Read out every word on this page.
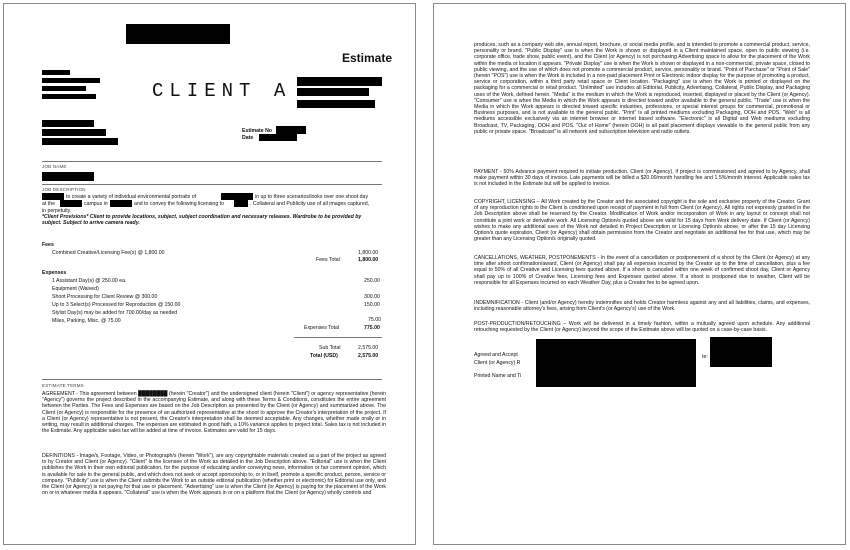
Estimate
CLIENT A
Estimate No
Date
JOB NAME
JOB DESCRIPTION
to create a variety of individual environmental portraits of	in up to three scenarios/looks over one shoot day
at the	campus in	and to convey the following licensing to	. Collateral and Publicity use of all images captured,
in perpetuity.
*Client Provisions* Client to provide locations, subject, subject coordination and necessary releases. Wardrobe to be provided by subject. Subject to arrive camera ready.
Fees
Combined Creative/Licensing Fee(s) @ 1,800.00	1,800.00
Fees Total	1,800.00
Expenses
1 Assistant Day(s) @ 250.00 ea.	250.00
Equipment (Waived)
Shoot Processing for Client Review @ 300.00	300.00
Up to 3 Select(s) Processed for Reproduction @ 150.00	150.00
Stylist Day(s) may be added for 700.00/day as needed
Miles, Parking, Misc. @ 75.00	75.00
Expenses Total	775.00
Sub Total	2,575.00
Total (USD)	2,575.00
ESTIMATE TERMS
AGREEMENT - This agreement between ████████ (herein "Creator") and the undersigned client (herein "Client") or agency representative (herein "Agency") governs the project described in the accompanying Estimate, and along with these Terms & Conditions, constitutes the entire agreement between the Parties. The Fees and Expenses are based on the Job Description as presented by the Client (or Agency) and summarized above. The Client (or Agency) is responsible for the presence of an authorized representative at the shoot to approve the Creator's interpretation of the project. If a Client (or Agency) representative is not present, the Creator's interpretation shall be deemed acceptable. Any changes, whether made orally or in writing, may result in additional charges. The expenses are estimated in good faith, a 10% variance applies to project total. Sales tax is not included in the Estimate. Any applicable sales tax will be added at time of invoice. Estimates are valid for 15 days.
DEFINITIONS - Image/s, Footage, Video, or Photograph/s (herein "Work"), are any copyrightable materials created as a part of the project as agreed to by Creator and Client (or Agency). "Client" is the licensee of the Work as detailed in the Job Description above. "Editorial" use is when the Client publishes the Work in their own editorial publication, for the purpose of educating and/or conveying news, information or fair comment opinion, which is available for sale to the general public, and which does not seek or accept sponsorship to, or in itself, promote a specific product, person, service or company. "Publicity" use is when the Client submits the Work to an outside editorial publication (whether print or electronic) for Editorial use only, and the Client (or Agency) is not paying for that use or placement. "Advertising" use is when the Client (or Agency) is paying for the placement of the Work on or in whatever media it appears. "Collateral" use is when the Work appears in or on a platform that the Client (or Agency) wholly controls and
produces, such as a company web site, annual report, brochure, or social media profile, and is intended to promote a commercial product, service, personality or brand. "Public Display" use is when the Work is shown or displayed in a Client maintained space, open to public viewing (i.e. corporate office, trade show, public event), and the Client (or Agency) is not purchasing Advertising space to allow for the placement of the Work within the media or location it appears. "Private Display" use is when the Work is shown or displayed in a non-commercial, private space, closed to public viewing, and the use of which does not promote a commercial product, service, personality or brand. "Point of Purchase" or "Point of Sale" (herein "POS") use is when the Work is included in a non-paid placement Print or Electronic indoor display for the purpose of promoting a product, service or corporation, within a third party retail space or Client location. "Packaging" use is when the Work is printed or displayed on the packaging for a commercial or retail product. "Unlimited" use includes all Editorial, Publicity, Advertising, Collateral, Public Display, and Packaging uses of the Work, defined herein. "Media" is the medium in which the Work is reproduced, inserted, displayed or placed by the Client (or Agency). "Consumer" use is when the Media in which the Work appears is directed toward and/or available to the general public. "Trade" use is when the Media in which the Work appears is directed toward specific industries, professions, or special interest groups for commercial, promotional or Business purposes, and is not available to the general public. "Print" is all printed mediums excluding Packaging, OOH and POS. "Web" is all mediums accessible exclusively via an internet browser or internet based software. "Electronic" is all Digital and Web mediums excluding Broadcast, TV, Packaging, OOH and POS. "Out of Home" (herein OOH) is all paid placement displays viewable to the general public from any public or private space. "Broadcast" is all network and subscription television and radio outlets.
PAYMENT - 50% Advance payment required to initiate production. Client (or Agency), if project is commissioned and agreed to by Agency, shall make payment within 30 days of invoice. Late payments will be billed a $20.00/month handling fee and 1.5%/month interest. Applicable sales tax is not included in the Estimate but will be applied to invoice.
COPYRIGHT, LICENSING – All Work created by the Creator and the associated copyright is the sole and exclusive property of the Creator. Grant of any reproduction rights to the Client is conditioned upon receipt of payment in full from Client (or Agency). All rights not expressly granted in the Job Description above shall be reserved by the Creator. Modification of Work and/or incorporation of Work in any layout or concept shall not constitute a joint work or derivative work. All Licensing Option/s quoted above are valid for 15 days from Work delivery date. If Client (or Agency) wishes to make any additional uses of the Work not detailed in Project Description or Licensing Option/s above, or after the 15 day Licensing Option/s quote expiration, Client (or Agency) shall obtain permission from the Creator and negotiate an additional fee for that use, which may be greater than any Licensing Option/s originally quoted.
CANCELLATIONS, WEATHER, POSTPONEMENTS - In the event of a cancellation or postponement of a shoot by the Client (or Agency) at any time after shoot confirmation/award, Client (or Agency) shall pay all expenses incurred by the Creator up to the time of cancellation, plus a fee equal to 50% of all Creative and Licensing fees quoted above. If a shoot is canceled within one week of confirmed shoot day, Client or Agency shall pay up to 100% of Creative fees, Licensing fees and Expenses quoted above. If a shoot is postponed due to weather, Client will be responsible for all Expenses incurred on each Weather Day, plus a Creator fee to be agreed upon.
INDEMNIFICATION - Client (and/or Agency) hereby indemnifies and holds Creator harmless against any and all liabilities, claims, and expenses, including reasonable attorney's fees, arising from Client's (or Agency's) use of the Work.
POST-PRODUCTION/RETOUCHING – Work will be delivered in a timely fashion, within a mutually agreed upon schedule. Any additional retouching requested by the Client (or Agency) beyond the scope of the Estimate above will be quoted on a case-by-case basis.
Agreed and Accept
Client (or Agency) R
Printed Name and Ti
te:
